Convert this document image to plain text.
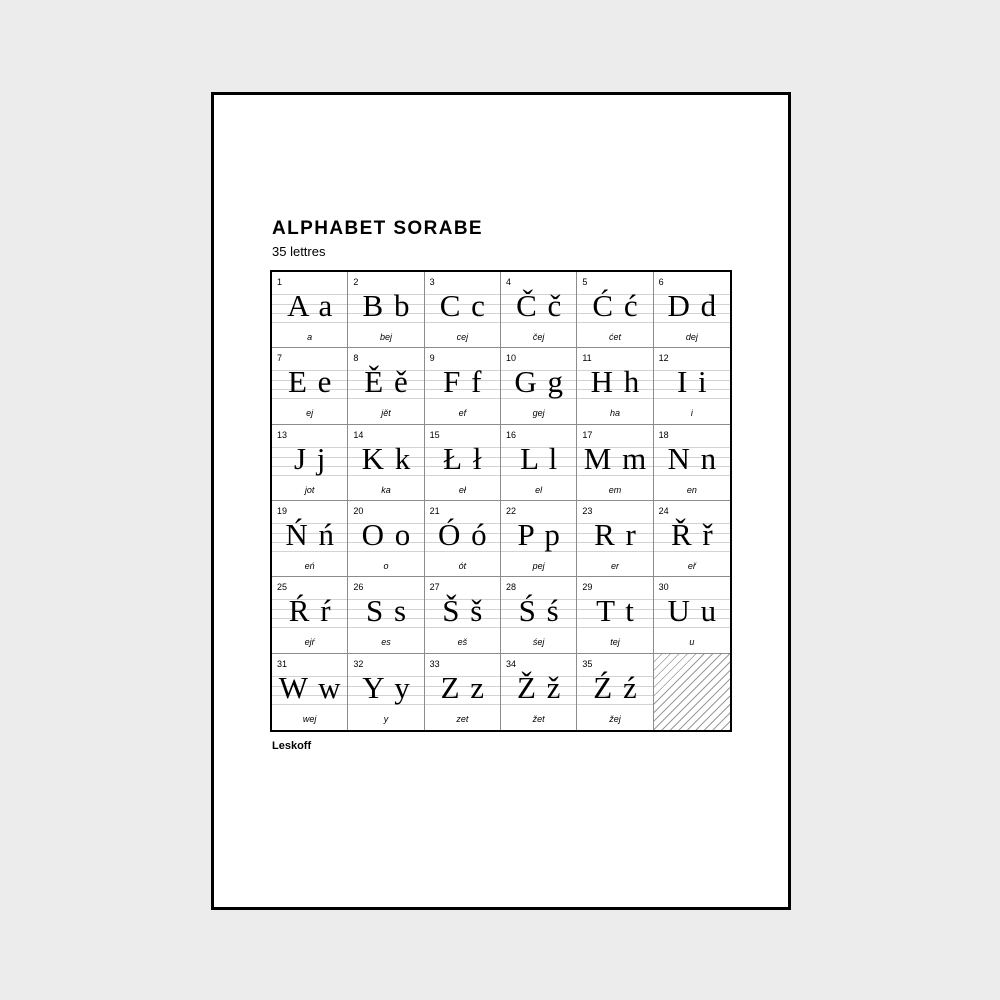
ALPHABET SORABE
35 lettres
1
A a
a
2
B b
bej
3
C c
cej
4
Č č
čej
5
Ć ć
ćet
6
D d
dej
7
E e
ej
8
Ě ě
jět
9
F f
ef
10
G g
gej
11
H h
ha
12
I i
i
13
J j
jot
14
K k
ka
15
Ł ł
eł
16
L l
el
17
M m
em
18
N n
en
19
Ń ń
eń
20
O o
o
21
Ó ó
ót
22
P p
pej
23
R r
er
24
Ř ř
eř
25
Ŕ ŕ
ejŕ
26
S s
es
27
Š š
eš
28
Ś ś
śej
29
T t
tej
30
U u
u
31
W w
wej
32
Y y
y
33
Z z
zet
34
Ž ž
žet
35
Ź ź
žej
Leskoff
